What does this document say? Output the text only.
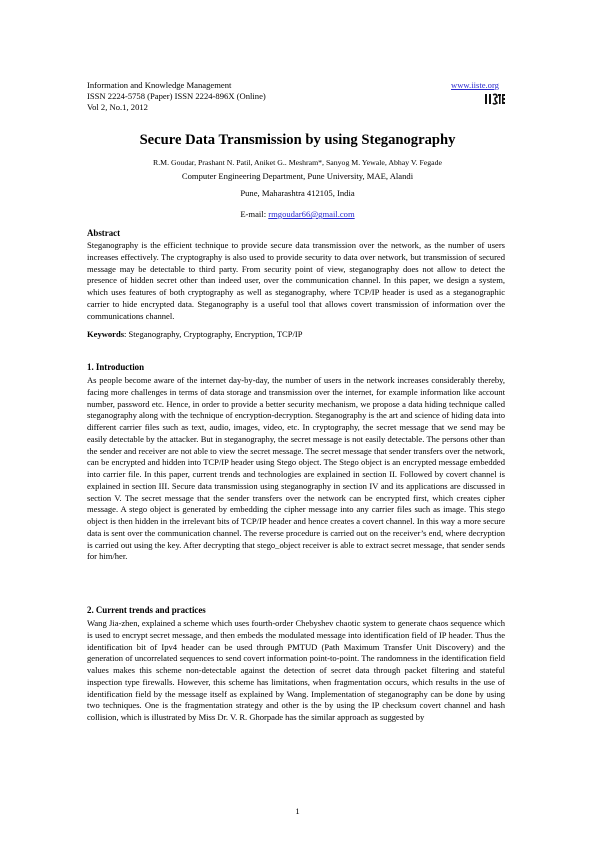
Information and Knowledge Management
ISSN 2224-5758 (Paper) ISSN 2224-896X (Online)
Vol 2, No.1, 2012
www.iiste.org
Secure Data Transmission by using Steganography
R.M. Goudar, Prashant N. Patil, Aniket G.. Meshram*, Sanyog M. Yewale, Abhay V. Fegade
Computer Engineering Department, Pune University, MAE, Alandi
Pune, Maharashtra 412105, India
E-mail: rmgoudar66@gmail.com
Abstract
Steganography is the efficient technique to provide secure data transmission over the network, as the number of users increases effectively. The cryptography is also used to provide security to data over network, but transmission of secured message may be detectable to third party. From security point of view, steganography does not allow to detect the presence of hidden secret other than indeed user, over the communication channel. In this paper, we design a system, which uses features of both cryptography as well as steganography, where TCP/IP header is used as a steganographic carrier to hide encrypted data. Steganography is a useful tool that allows covert transmission of information over the communications channel.
Keywords: Steganography, Cryptography, Encryption, TCP/IP
1. Introduction
As people become aware of the internet day-by-day, the number of users in the network increases considerably thereby, facing more challenges in terms of data storage and transmission over the internet, for example information like account number, password etc. Hence, in order to provide a better security mechanism, we propose a data hiding technique called steganography along with the technique of encryption-decryption. Steganography is the art and science of hiding data into different carrier files such as text, audio, images, video, etc. In cryptography, the secret message that we send may be easily detectable by the attacker. But in steganography, the secret message is not easily detectable. The persons other than the sender and receiver are not able to view the secret message. The secret message that sender transfers over the network, can be encrypted and hidden into TCP/IP header using Stego object. The Stego object is an encrypted message embedded into carrier file. In this paper, current trends and technologies are explained in section II. Followed by covert channel is explained in section III. Secure data transmission using steganography in section IV and its applications are discussed in section V. The secret message that the sender transfers over the network can be encrypted first, which creates cipher message. A stego object is generated by embedding the cipher message into any carrier files such as image. This stego object is then hidden in the irrelevant bits of TCP/IP header and hence creates a covert channel. In this way a more secure data is sent over the communication channel. The reverse procedure is carried out on the receiver’s end, where decryption is carried out using the key. After decrypting that stego_object receiver is able to extract secret message, that sender sends for him/her.
2. Current trends and practices
Wang Jia-zhen, explained a scheme which uses fourth-order Chebyshev chaotic system to generate chaos sequence which is used to encrypt secret message, and then embeds the modulated message into identification field of IP header. Thus the identification bit of Ipv4 header can be used through PMTUD (Path Maximum Transfer Unit Discovery) and the generation of uncorrelated sequences to send covert information point-to-point. The randomness in the identification field values makes this scheme non-detectable against the detection of secret data through packet filtering and stateful inspection type firewalls. However, this scheme has limitations, when fragmentation occurs, which results in the use of identification field by the message itself as explained by Wang. Implementation of steganography can be done by using two techniques. One is the fragmentation strategy and other is the by using the IP checksum covert channel and hash collision, which is illustrated by Miss Dr. V. R. Ghorpade has the similar approach as suggested by
1
